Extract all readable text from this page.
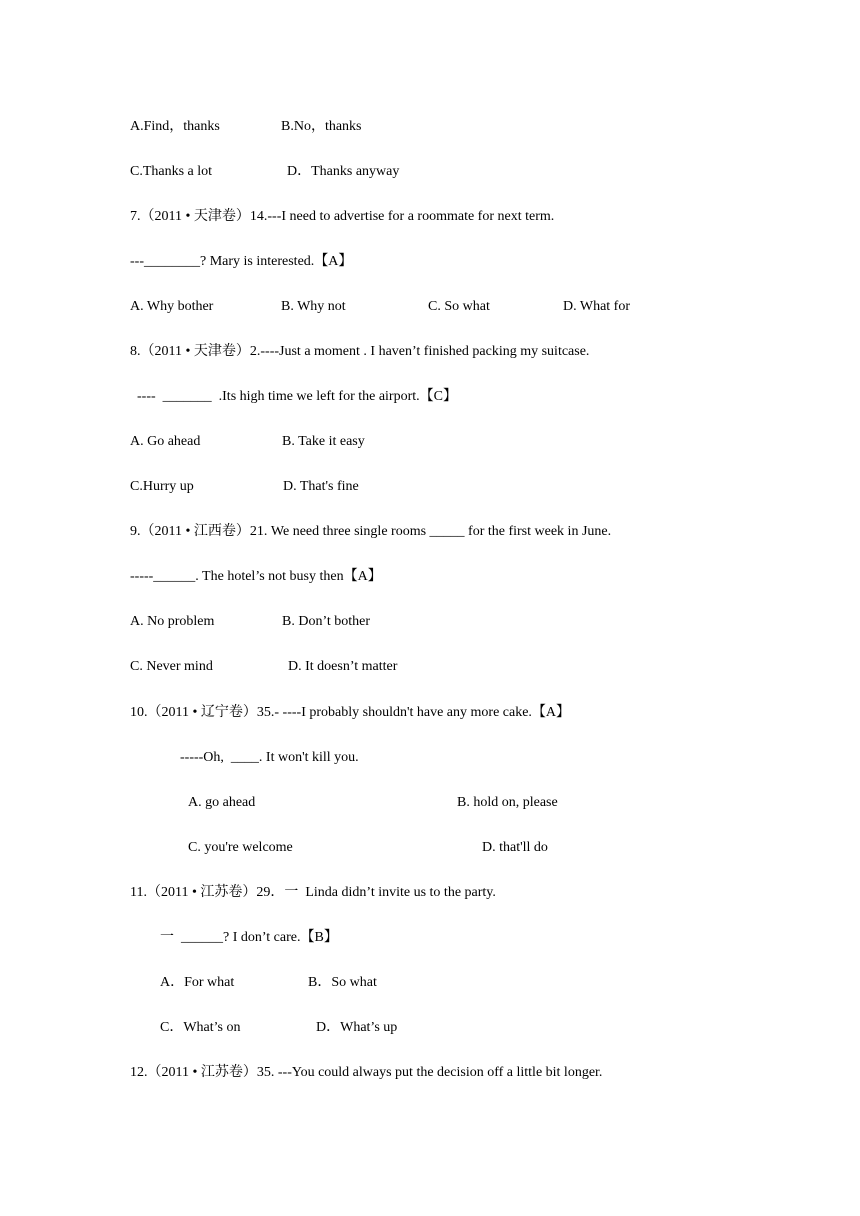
A.Find，thanks	B.No，thanks
C.Thanks a lot	D．Thanks anyway
7.（2011 • 天津卷）14.---I need to advertise for a roommate for next term.
---________? Mary is interested.【A】
A. Why bother	B. Why not	C. So what	D. What for
8.（2011 • 天津卷）2.----Just a moment . I haven’t finished packing my suitcase.
----  _______  .Its high time we left for the airport.【C】
A. Go ahead	B. Take it easy
C.Hurry up	D. That's fine
9.（2011 • 江西卷）21. We need three single rooms _____ for the first week in June.
-----______. The hotel’s not busy then【A】
A. No problem	B. Don’t bother
C. Never mind	D. It doesn’t matter
10.（2011 • 辽宁卷）35.- ----I probably shouldn't have any more cake.【A】
-----Oh,  ____. It won't kill you.
A. go ahead	B. hold on, please
C. you're welcome	D. that'll do
11.（2011 • 江苏卷）29．一  Linda didn’t invite us to the party.
一  ______? I don’t care.【B】
A．For what	B．So what
C．What’s on	D．What’s up
12.（2011 • 江苏卷）35. ---You could always put the decision off a little bit longer.
